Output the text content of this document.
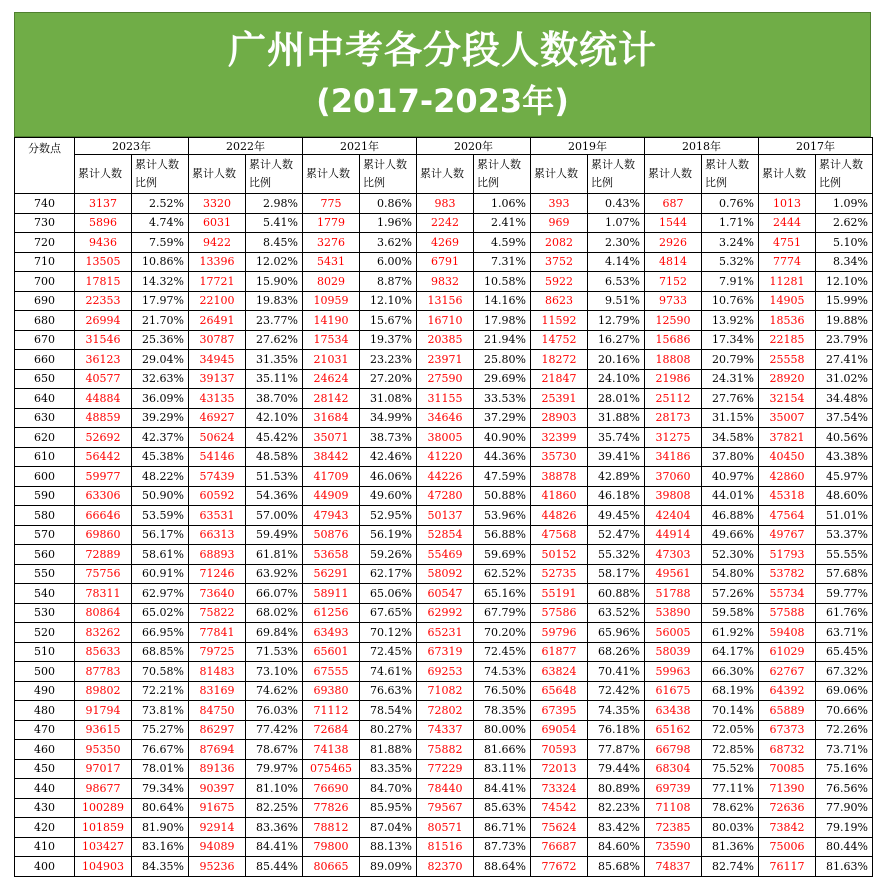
广州中考各分段人数统计
(2017-2023年)
分数点	2023年		2022年		2021年		2020年		2019年		2018年		2017年	
	累计人数	累计人数比例	累计人数	累计人数比例	累计人数	累计人数比例	累计人数	累计人数比例	累计人数	累计人数比例	累计人数	累计人数比例	累计人数	累计人数比例
740	3137	2.52%	3320	2.98%	775	0.86%	983	1.06%	393	0.43%	687	0.76%	1013	1.09%
730	5896	4.74%	6031	5.41%	1779	1.96%	2242	2.41%	969	1.07%	1544	1.71%	2444	2.62%
720	9436	7.59%	9422	8.45%	3276	3.62%	4269	4.59%	2082	2.30%	2926	3.24%	4751	5.10%
710	13505	10.86%	13396	12.02%	5431	6.00%	6791	7.31%	3752	4.14%	4814	5.32%	7774	8.34%
700	17815	14.32%	17721	15.90%	8029	8.87%	9832	10.58%	5922	6.53%	7152	7.91%	11281	12.10%
690	22353	17.97%	22100	19.83%	10959	12.10%	13156	14.16%	8623	9.51%	9733	10.76%	14905	15.99%
680	26994	21.70%	26491	23.77%	14190	15.67%	16710	17.98%	11592	12.79%	12590	13.92%	18536	19.88%
670	31546	25.36%	30787	27.62%	17534	19.37%	20385	21.94%	14752	16.27%	15686	17.34%	22185	23.79%
660	36123	29.04%	34945	31.35%	21031	23.23%	23971	25.80%	18272	20.16%	18808	20.79%	25558	27.41%
650	40577	32.63%	39137	35.11%	24624	27.20%	27590	29.69%	21847	24.10%	21986	24.31%	28920	31.02%
640	44884	36.09%	43135	38.70%	28142	31.08%	31155	33.53%	25391	28.01%	25112	27.76%	32154	34.48%
630	48859	39.29%	46927	42.10%	31684	34.99%	34646	37.29%	28903	31.88%	28173	31.15%	35007	37.54%
620	52692	42.37%	50624	45.42%	35071	38.73%	38005	40.90%	32399	35.74%	31275	34.58%	37821	40.56%
610	56442	45.38%	54146	48.58%	38442	42.46%	41220	44.36%	35730	39.41%	34186	37.80%	40450	43.38%
600	59977	48.22%	57439	51.53%	41709	46.06%	44226	47.59%	38878	42.89%	37060	40.97%	42860	45.97%
590	63306	50.90%	60592	54.36%	44909	49.60%	47280	50.88%	41860	46.18%	39808	44.01%	45318	48.60%
580	66646	53.59%	63531	57.00%	47943	52.95%	50137	53.96%	44826	49.45%	42404	46.88%	47564	51.01%
570	69860	56.17%	66313	59.49%	50876	56.19%	52854	56.88%	47568	52.47%	44914	49.66%	49767	53.37%
560	72889	58.61%	68893	61.81%	53658	59.26%	55469	59.69%	50152	55.32%	47303	52.30%	51793	55.55%
550	75756	60.91%	71246	63.92%	56291	62.17%	58092	62.52%	52735	58.17%	49561	54.80%	53782	57.68%
540	78311	62.97%	73640	66.07%	58911	65.06%	60547	65.16%	55191	60.88%	51788	57.26%	55734	59.77%
530	80864	65.02%	75822	68.02%	61256	67.65%	62992	67.79%	57586	63.52%	53890	59.58%	57588	61.76%
520	83262	66.95%	77841	69.84%	63493	70.12%	65231	70.20%	59796	65.96%	56005	61.92%	59408	63.71%
510	85633	68.85%	79725	71.53%	65601	72.45%	67319	72.45%	61877	68.26%	58039	64.17%	61029	65.45%
500	87783	70.58%	81483	73.10%	67555	74.61%	69253	74.53%	63824	70.41%	59963	66.30%	62767	67.32%
490	89802	72.21%	83169	74.62%	69380	76.63%	71082	76.50%	65648	72.42%	61675	68.19%	64392	69.06%
480	91794	73.81%	84750	76.03%	71112	78.54%	72802	78.35%	67395	74.35%	63438	70.14%	65889	70.66%
470	93615	75.27%	86297	77.42%	72684	80.27%	74337	80.00%	69054	76.18%	65162	72.05%	67373	72.26%
460	95350	76.67%	87694	78.67%	74138	81.88%	75882	81.66%	70593	77.87%	66798	72.85%	68732	73.71%
450	97017	78.01%	89136	79.97%	075465	83.35%	77229	83.11%	72013	79.44%	68304	75.52%	70085	75.16%
440	98677	79.34%	90397	81.10%	76690	84.70%	78440	84.41%	73324	80.89%	69739	77.11%	71390	76.56%
430	100289	80.64%	91675	82.25%	77826	85.95%	79567	85.63%	74542	82.23%	71108	78.62%	72636	77.90%
420	101859	81.90%	92914	83.36%	78812	87.04%	80571	86.71%	75624	83.42%	72385	80.03%	73842	79.19%
410	103427	83.16%	94089	84.41%	79800	88.13%	81516	87.73%	76687	84.60%	73590	81.36%	75006	80.44%
400	104903	84.35%	95236	85.44%	80665	89.09%	82370	88.64%	77672	85.68%	74837	82.74%	76117	81.63%
